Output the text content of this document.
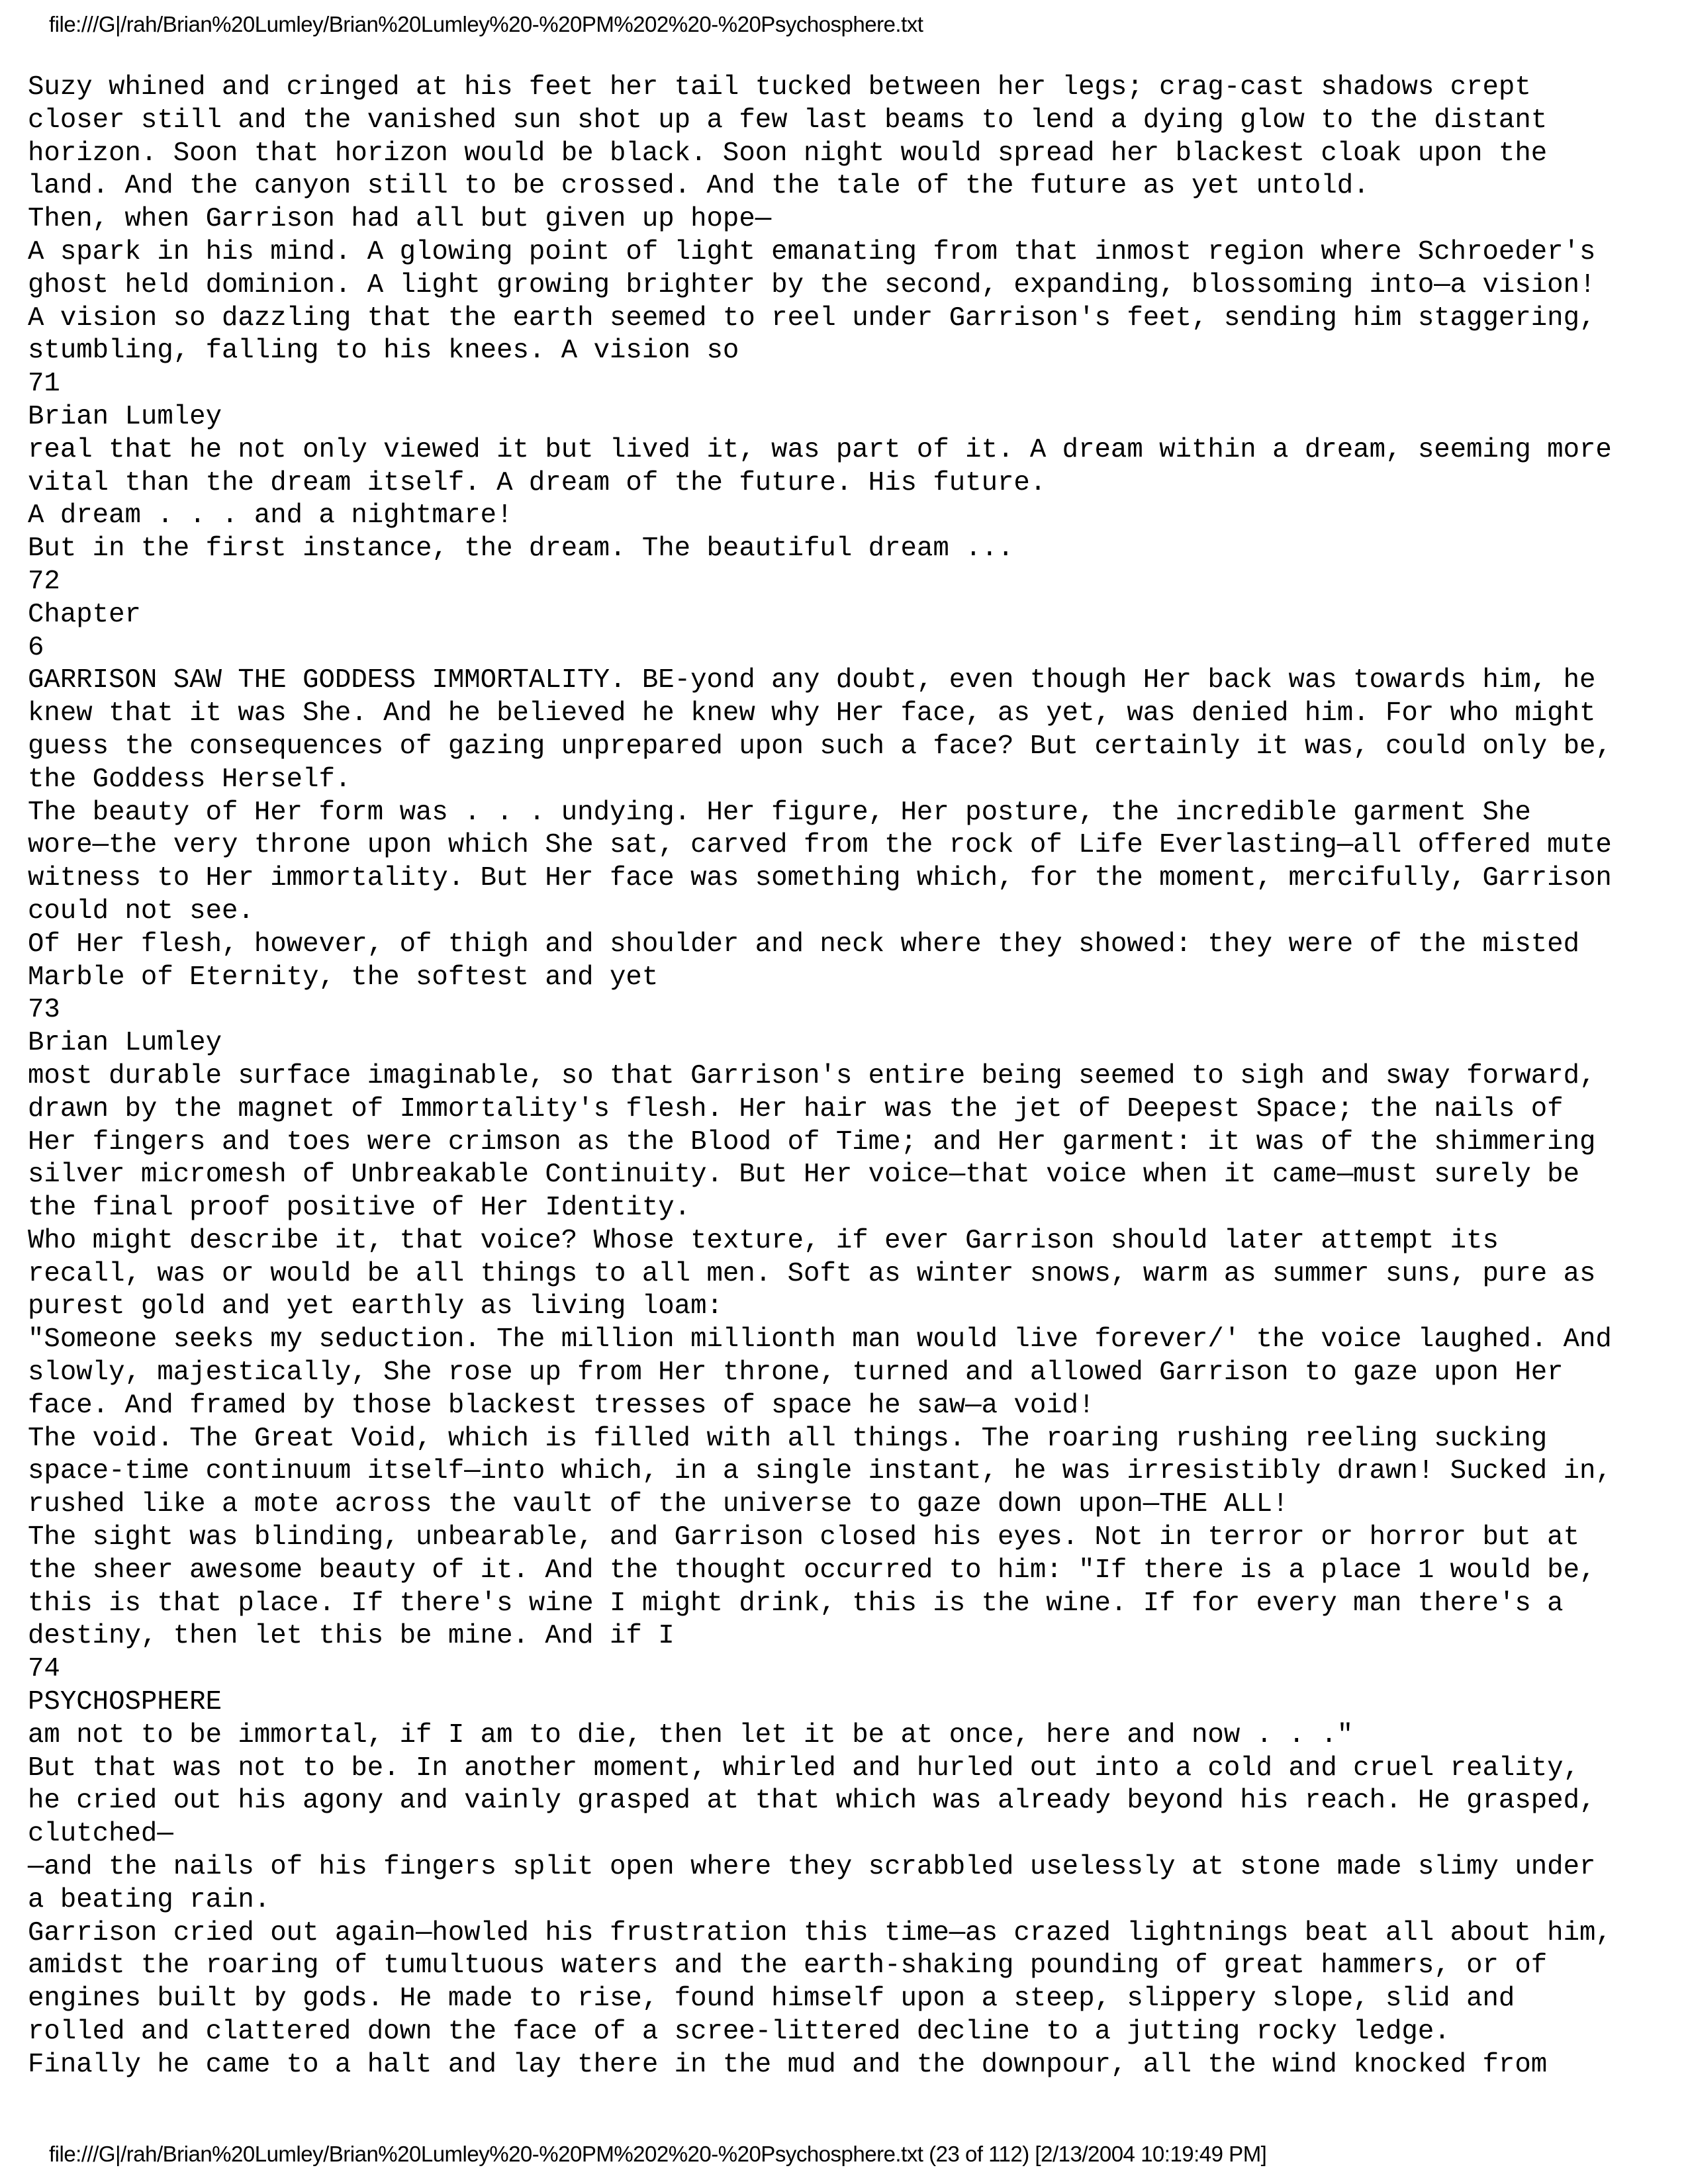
file:///G|/rah/Brian%20Lumley/Brian%20Lumley%20-%20PM%202%20-%20Psychosphere.txt
Suzy whined and cringed at his feet her tail tucked between her legs; crag-cast shadows crept
closer still and the vanished sun shot up a few last beams to lend a dying glow to the distant
horizon. Soon that horizon would be black. Soon night would spread her blackest cloak upon the
land. And the canyon still to be crossed. And the tale of the future as yet untold.
Then, when Garrison had all but given up hope—
A spark in his mind. A glowing point of light emanating from that inmost region where Schroeder's
ghost held dominion. A light growing brighter by the second, expanding, blossoming into—a vision!
A vision so dazzling that the earth seemed to reel under Garrison's feet, sending him staggering,
stumbling, falling to his knees. A vision so
71
Brian Lumley
real that he not only viewed it but lived it, was part of it. A dream within a dream, seeming more
vital than the dream itself. A dream of the future. His future.
A dream . . . and a nightmare!
But in the first instance, the dream. The beautiful dream ...
72
Chapter
6
GARRISON SAW THE GODDESS IMMORTALITY. BE-yond any doubt, even though Her back was towards him, he
knew that it was She. And he believed he knew why Her face, as yet, was denied him. For who might
guess the consequences of gazing unprepared upon such a face? But certainly it was, could only be,
the Goddess Herself.
The beauty of Her form was . . . undying. Her figure, Her posture, the incredible garment She
wore—the very throne upon which She sat, carved from the rock of Life Everlasting—all offered mute
witness to Her immortality. But Her face was something which, for the moment, mercifully, Garrison
could not see.
Of Her flesh, however, of thigh and shoulder and neck where they showed: they were of the misted
Marble of Eternity, the softest and yet
73
Brian Lumley
most durable surface imaginable, so that Garrison's entire being seemed to sigh and sway forward,
drawn by the magnet of Immortality's flesh. Her hair was the jet of Deepest Space; the nails of
Her fingers and toes were crimson as the Blood of Time; and Her garment: it was of the shimmering
silver micromesh of Unbreakable Continuity. But Her voice—that voice when it came—must surely be
the final proof positive of Her Identity.
Who might describe it, that voice? Whose texture, if ever Garrison should later attempt its
recall, was or would be all things to all men. Soft as winter snows, warm as summer suns, pure as
purest gold and yet earthly as living loam:
"Someone seeks my seduction. The million millionth man would live forever/' the voice laughed. And
slowly, majestically, She rose up from Her throne, turned and allowed Garrison to gaze upon Her
face. And framed by those blackest tresses of space he saw—a void!
The void. The Great Void, which is filled with all things. The roaring rushing reeling sucking
space-time continuum itself—into which, in a single instant, he was irresistibly drawn! Sucked in,
rushed like a mote across the vault of the universe to gaze down upon—THE ALL!
The sight was blinding, unbearable, and Garrison closed his eyes. Not in terror or horror but at
the sheer awesome beauty of it. And the thought occurred to him: "If there is a place 1 would be,
this is that place. If there's wine I might drink, this is the wine. If for every man there's a
destiny, then let this be mine. And if I
74
PSYCHOSPHERE
am not to be immortal, if I am to die, then let it be at once, here and now . . ."
But that was not to be. In another moment, whirled and hurled out into a cold and cruel reality,
he cried out his agony and vainly grasped at that which was already beyond his reach. He grasped,
clutched—
—and the nails of his fingers split open where they scrabbled uselessly at stone made slimy under
a beating rain.
Garrison cried out again—howled his frustration this time—as crazed lightnings beat all about him,
amidst the roaring of tumultuous waters and the earth-shaking pounding of great hammers, or of
engines built by gods. He made to rise, found himself upon a steep, slippery slope, slid and
rolled and clattered down the face of a scree-littered decline to a jutting rocky ledge.
Finally he came to a halt and lay there in the mud and the downpour, all the wind knocked from
file:///G|/rah/Brian%20Lumley/Brian%20Lumley%20-%20PM%202%20-%20Psychosphere.txt (23 of 112) [2/13/2004 10:19:49 PM]
